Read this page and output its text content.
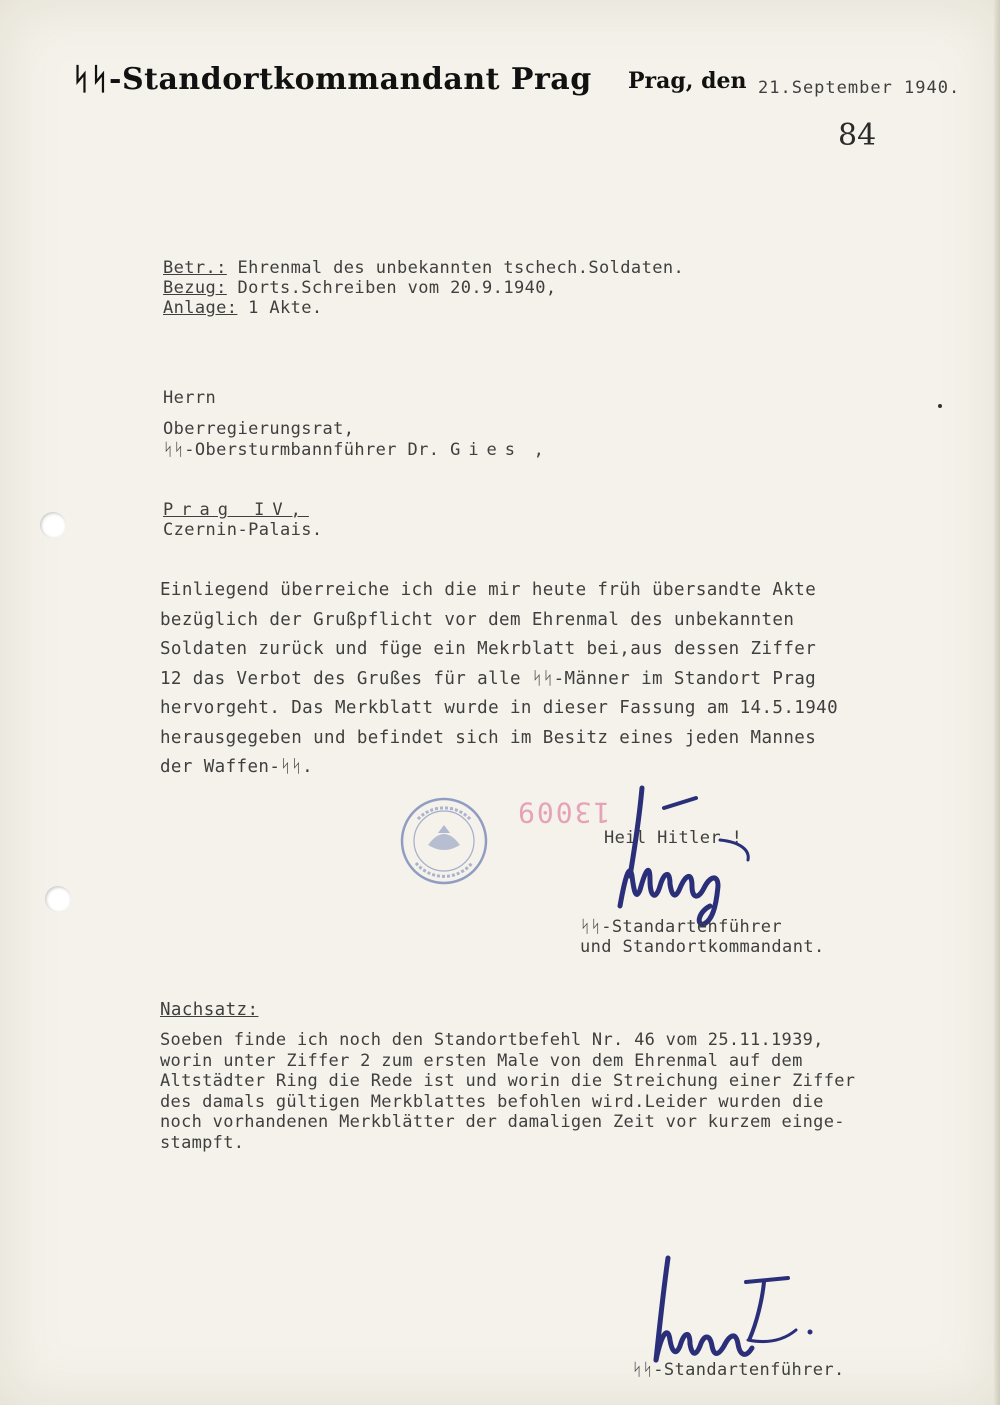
ᛋᛋ-Standortkommandant Prag Prag, den 21.September 1940.
84
Betr.: Ehrenmal des unbekannten tschech.Soldaten.
Bezug: Dorts.Schreiben vom 20.9.1940,
Anlage: 1 Akte.
Herrn
Oberregierungsrat,
ᛋᛋ-Obersturmbannführer Dr. Gies ,
Prag IV,
Czernin-Palais.
Einliegend überreiche ich die mir heute früh übersandte Akte
bezüglich der Grußpflicht vor dem Ehrenmal des unbekannten
Soldaten zurück und füge ein Mekrblatt bei,aus dessen Ziffer
12 das Verbot des Grußes für alle ᛋᛋ-Männer im Standort Prag
hervorgeht. Das Merkblatt wurde in dieser Fassung am 14.5.1940
herausgegeben und befindet sich im Besitz eines jeden Mannes
der Waffen-ᛋᛋ.
13009
Heil Hitler !
ᛋᛋ-Standartenführer
und Standortkommandant.
Nachsatz:
Soeben finde ich noch den Standortbefehl Nr. 46 vom 25.11.1939,
worin unter Ziffer 2 zum ersten Male von dem Ehrenmal auf dem
Altstädter Ring die Rede ist und worin die Streichung einer Ziffer
des damals gültigen Merkblattes befohlen wird.Leider wurden die
noch vorhandenen Merkblätter der damaligen Zeit vor kurzem einge-
stampft.
ᛋᛋ-Standartenführer.
